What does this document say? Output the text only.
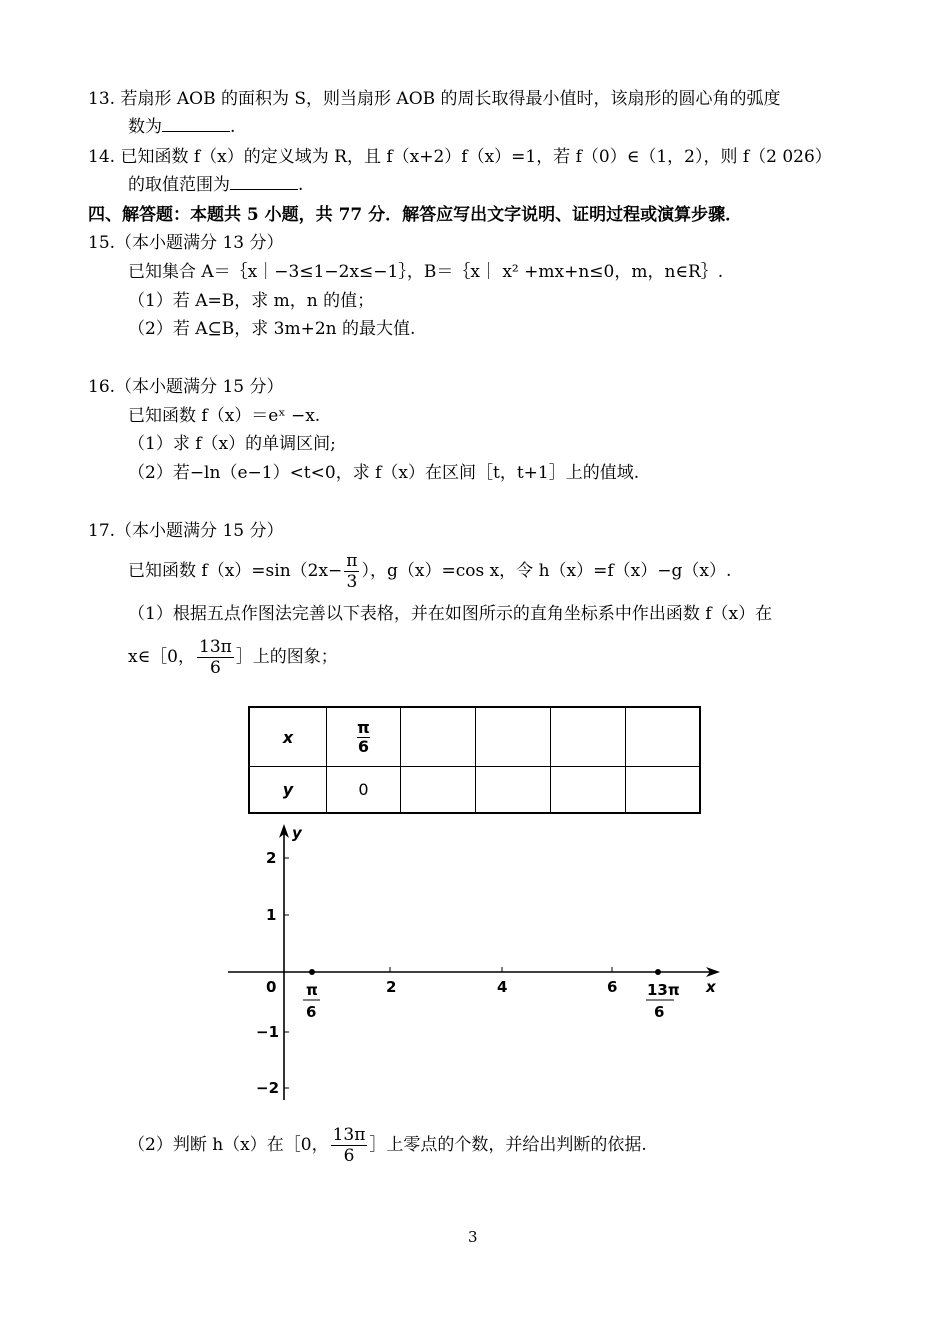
13. 若扇形 AOB 的面积为 S，则当扇形 AOB 的周长取得最小值时，该扇形的圆心角的弧度
数为	.
14. 已知函数 f（x）的定义域为 R，且 f（x+2）f（x）=1，若 f（0）∈（1，2），则 f（2 026）
的取值范围为	.
四、解答题：本题共 5 小题，共 77 分．解答应写出文字说明、证明过程或演算步骤．
15.（本小题满分 13 分）
已知集合 A＝｛x｜−3≤1−2x≤−1｝，B＝｛x｜ x² +mx+n≤0，m，n∈R｝.
（1）若 A=B，求 m，n 的值；
（2）若 A⊆B，求 3m+2n 的最大值.
16.（本小题满分 15 分）
已知函数 f（x）＝eˣ −x.
（1）求 f（x）的单调区间;
（2）若−ln（e−1）<t<0，求 f（x）在区间［t，t+1］上的值域.
17.（本小题满分 15 分）
已知函数 $f(x)=\sin(2x- \frac{\pi}{3}$ ），g（x）=cos x，令 h（x）=f（x）−g（x）.
（1）根据五点作图法完善以下表格，并在如图所示的直角坐标系中作出函数 f（x）在
x∈［0， $\frac{13\pi}{6}$ ］上的图象；
x	$\frac{\pi}{6}$

y	0				
y
x
2
1
−1
−2
0	2	4	6
π
6
13π
6
（2）判断 h（x）在［0， $\frac{13\pi}{6}$ ］上零点的个数，并给出判断的依据.
3
